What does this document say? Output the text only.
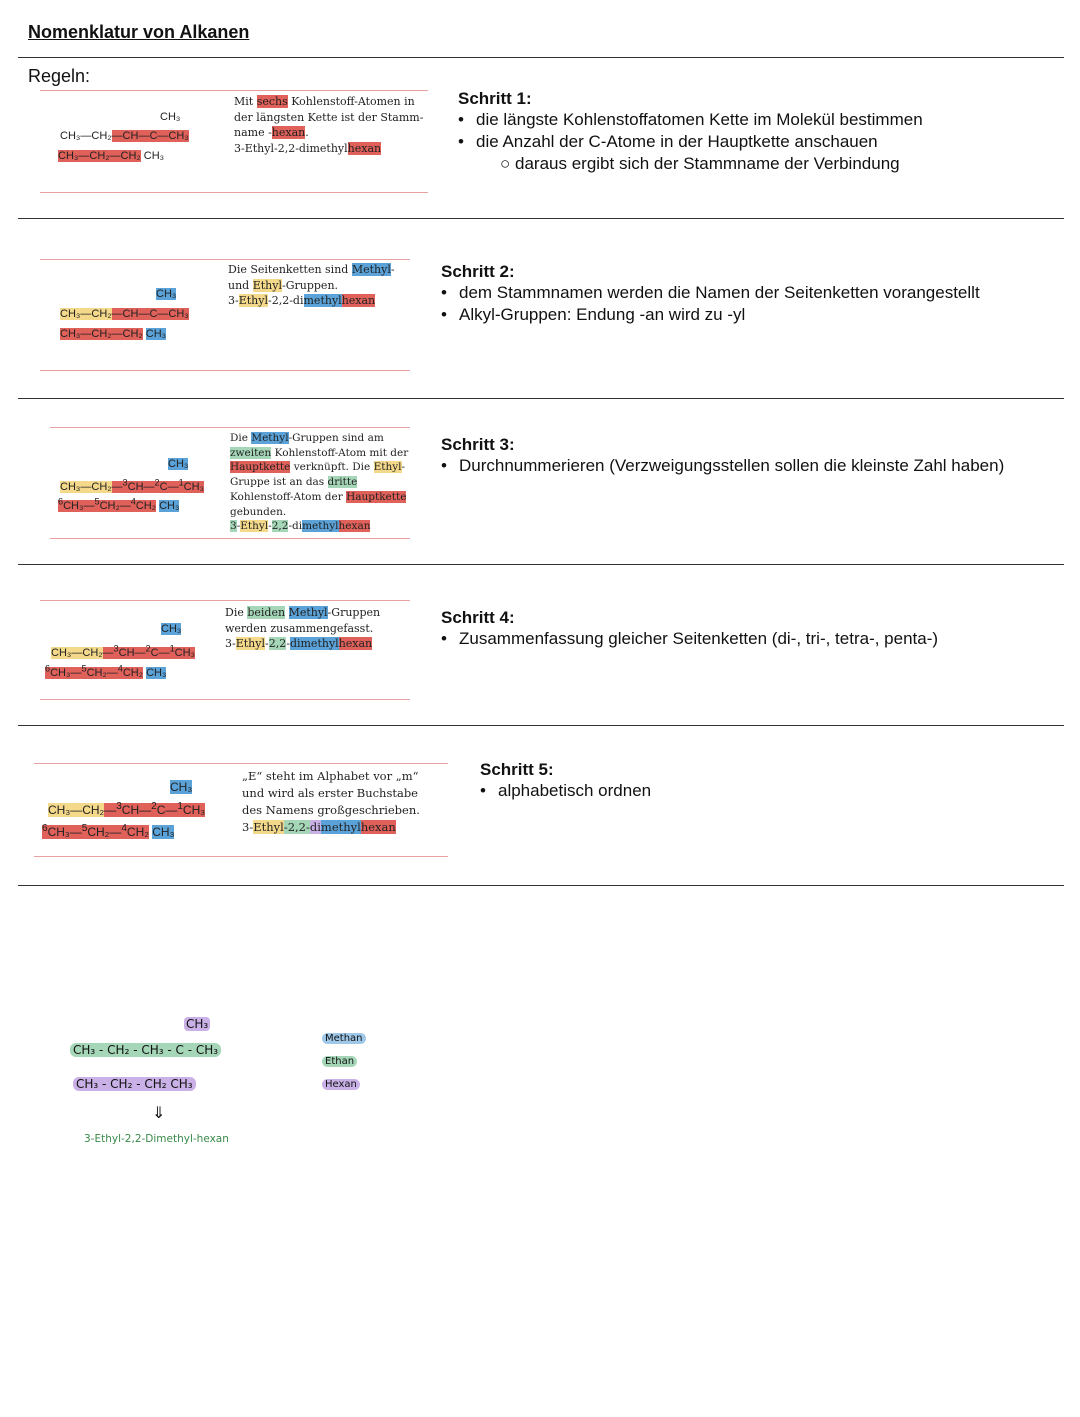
Nomenklatur von Alkanen
Regeln:
CH₃
CH₃—CH₂—CH—C—CH₃
CH₃—CH₂—CH₂ CH₃
Mit sechs Kohlenstoff-Atomen in der längsten Kette ist der Stamm-name -hexan.
3-Ethyl-2,2-dimethylhexan
Schritt 1:
• die längste Kohlenstoffatomen Kette im Molekül bestimmen
• die Anzahl der C-Atome in der Hauptkette anschauen
○ daraus ergibt sich der Stammname der Verbindung
CH₃
CH₃—CH₂—CH—C—CH₃
CH₃—CH₂—CH₂ CH₃
Die Seitenketten sind Methyl- und Ethyl-Gruppen.
3-Ethyl-2,2-dimethylhexan
Schritt 2:
• dem Stammnamen werden die Namen der Seitenketten vorangestellt
• Alkyl-Gruppen: Endung -an wird zu -yl
CH₃
CH₃—CH₂—$^3$CH—$^2$C—$^1$CH₃
$^6$CH₃—$^5$CH₂—$^4$CH₂ CH₃
Die Methyl-Gruppen sind am zweiten Kohlenstoff-Atom mit der Hauptkette verknüpft. Die Ethyl-Gruppe ist an das dritte Kohlenstoff-Atom der Hauptkette gebunden.
3-Ethyl-2,2-dimethylhexan
Schritt 3:
• Durchnummerieren (Verzweigungsstellen sollen die kleinste Zahl haben)
CH₃
CH₃—CH₂—$^3$CH—$^2$C—$^1$CH₃
$^6$CH₃—$^5$CH₂—$^4$CH₂ CH₃
Die beiden Methyl-Gruppen werden zusammengefasst.
3-Ethyl-2,2-dimethylhexan
Schritt 4:
• Zusammenfassung gleicher Seitenketten (di-, tri-, tetra-, penta-)
CH₃
CH₃—CH₂—$^3$CH—$^2$C—$^1$CH₃
$^6$CH₃—$^5$CH₂—$^4$CH₂ CH₃
„E“ steht im Alphabet vor „m“ und wird als erster Buchstabe des Namens großgeschrieben.
3-Ethyl-2,2-dimethylhexan
Schritt 5:
• alphabetisch ordnen
CH₃
CH₃ - CH₂ - CH₃ - C - CH₃
CH₃ - CH₂ - CH₂ CH₃
⇓
3-Ethyl-2,2-Dimethyl-hexan
Methan
Ethan
Hexan
